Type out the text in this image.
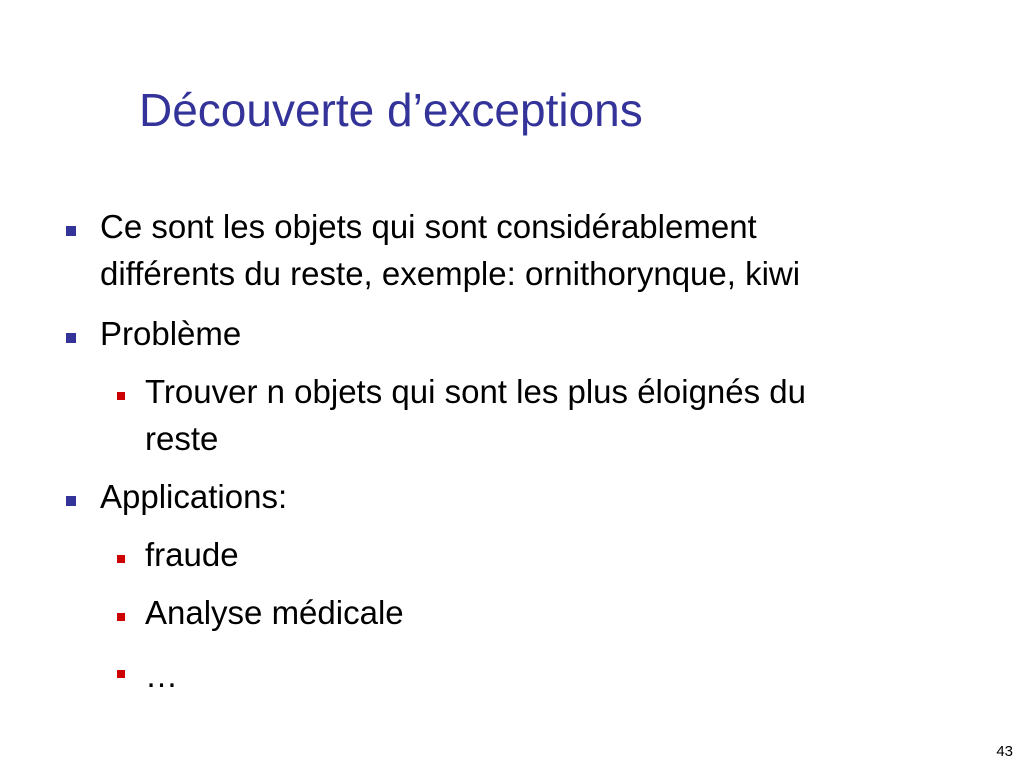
Découverte d’exceptions
Ce sont les objets qui sont considérablement
différents du reste, exemple: ornithorynque, kiwi
Problème
Trouver n objets qui sont les plus éloignés du
reste
Applications:
fraude
Analyse médicale
…
43
